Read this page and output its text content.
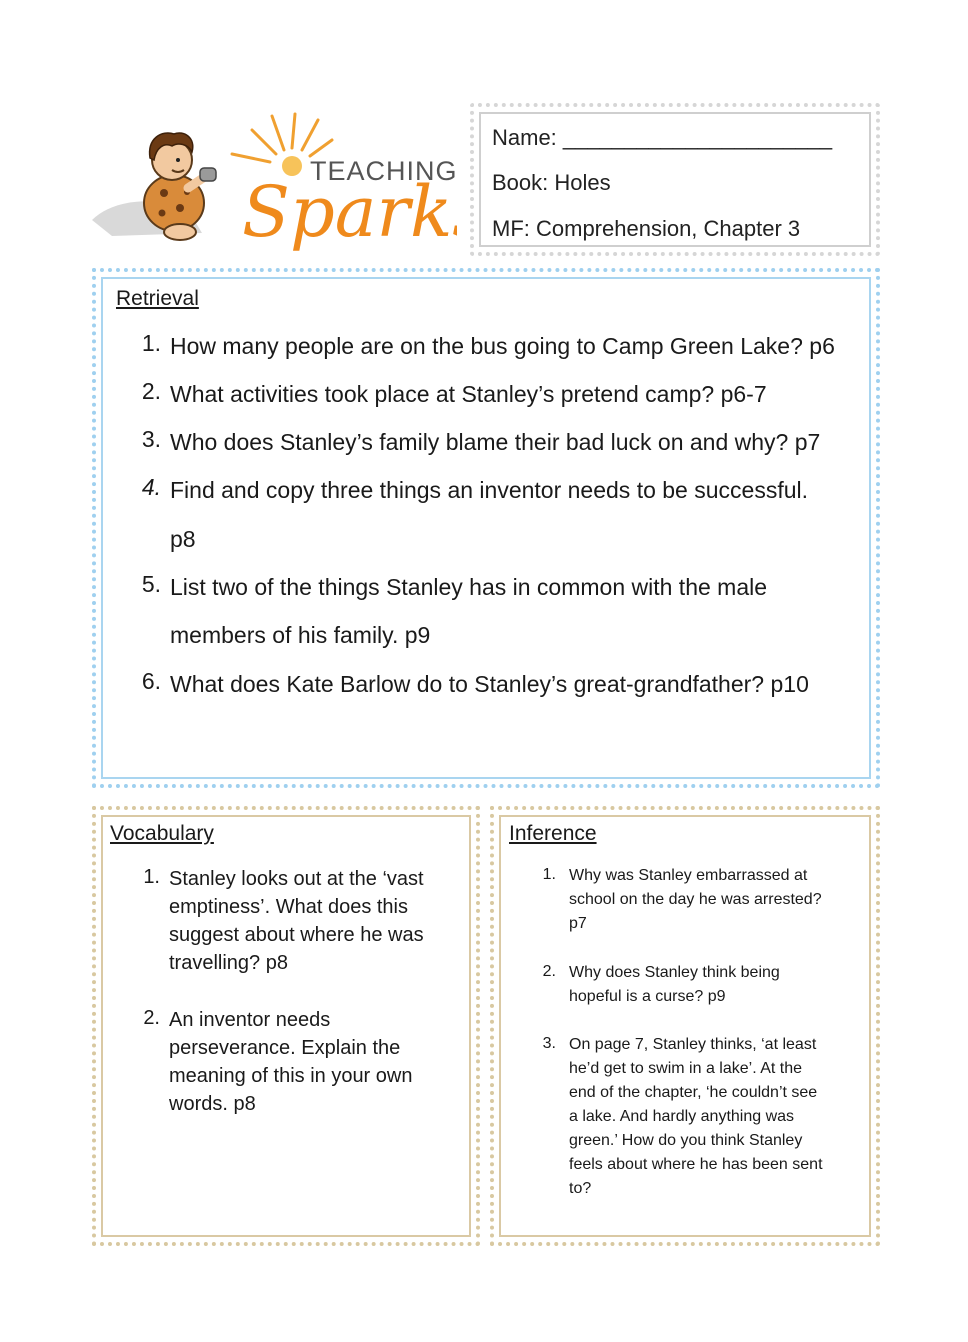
TEACHING
Spark
Name: ______________________
Book: Holes
MF: Comprehension, Chapter 3
Retrieval
1. How many people are on the bus going to Camp Green Lake? p6
2. What activities took place at Stanley’s pretend camp? p6-7
3. Who does Stanley’s family blame their bad luck on and why? p7
4. Find and copy three things an inventor needs to be successful.
p8
5. List two of the things Stanley has in common with the male
members of his family. p9
6. What does Kate Barlow do to Stanley’s great-grandfather? p10
Vocabulary
1. Stanley looks out at the ‘vast
emptiness’. What does this
suggest about where he was
travelling? p8
2. An inventor needs
perseverance. Explain the
meaning of this in your own
words. p8
Inference
1. Why was Stanley embarrassed at
school on the day he was arrested?
p7
2. Why does Stanley think being
hopeful is a curse? p9
3. On page 7, Stanley thinks, ‘at least
he’d get to swim in a lake’. At the
end of the chapter, ‘he couldn’t see
a lake. And hardly anything was
green.’ How do you think Stanley
feels about where he has been sent
to?
